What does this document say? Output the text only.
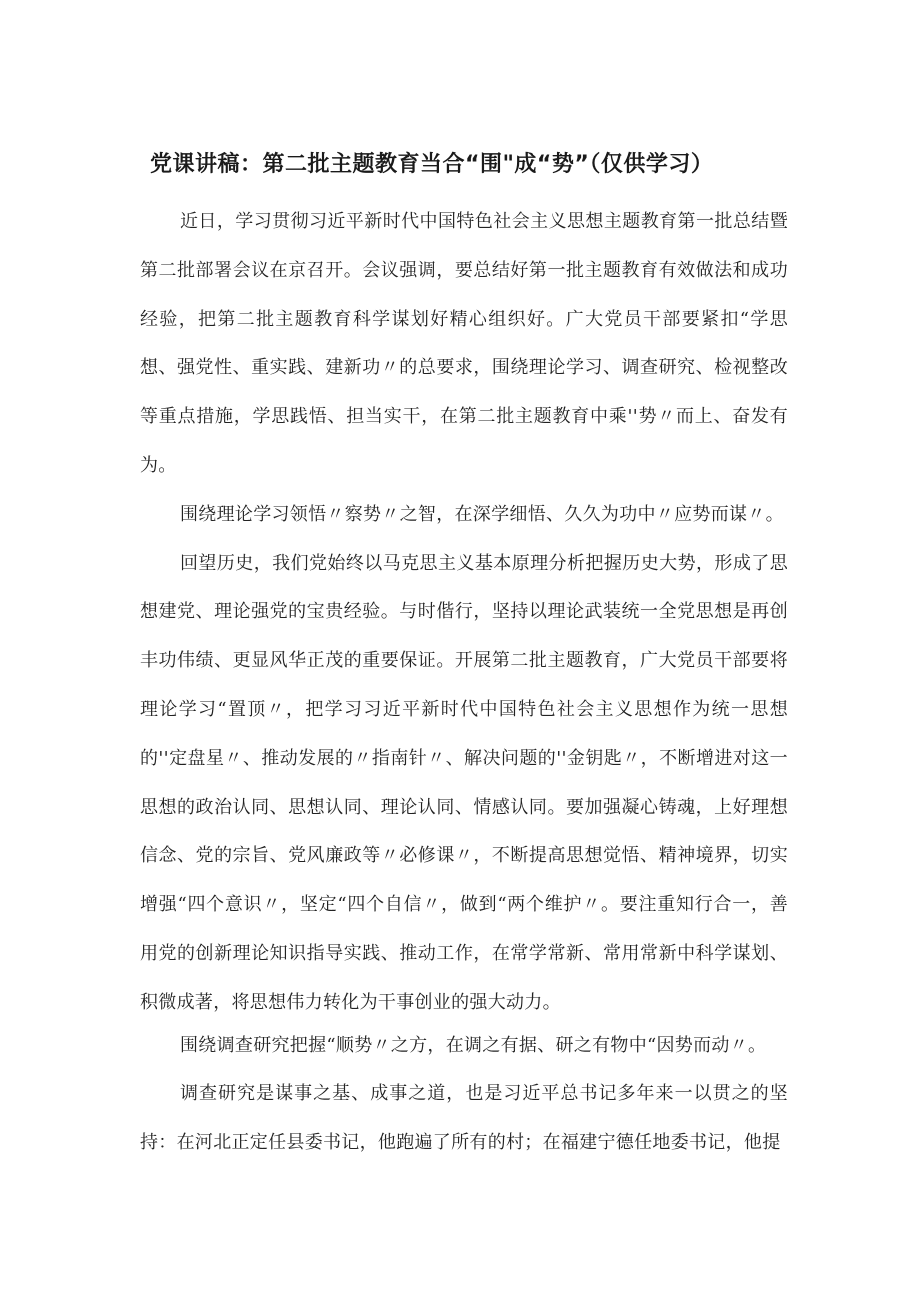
党课讲稿：第二批主题教育当合“围"成“势”（仅供学习）

近日，学习贯彻习近平新时代中国特色社会主义思想主题教育第一批总结暨第二批部署会议在京召开。会议强调，要总结好第一批主题教育有效做法和成功经验，把第二批主题教育科学谋划好精心组织好。广大党员干部要紧扣“学思想、强党性、重实践、建新功〃的总要求，围绕理论学习、调查研究、检视整改等重点措施，学思践悟、担当实干，在第二批主题教育中乘''势〃而上、奋发有为。

围绕理论学习领悟〃察势〃之智，在深学细悟、久久为功中〃应势而谋〃。

回望历史，我们党始终以马克思主义基本原理分析把握历史大势，形成了思想建党、理论强党的宝贵经验。与时偕行，坚持以理论武装统一全党思想是再创丰功伟绩、更显风华正茂的重要保证。开展第二批主题教育，广大党员干部要将理论学习“置顶〃，把学习习近平新时代中国特色社会主义思想作为统一思想的''定盘星〃、推动发展的〃指南针〃、解决问题的''金钥匙〃，不断增进对这一思想的政治认同、思想认同、理论认同、情感认同。要加强凝心铸魂，上好理想信念、党的宗旨、党风廉政等〃必修课〃，不断提高思想觉悟、精神境界，切实增强“四个意识〃，坚定“四个自信〃，做到“两个维护〃。要注重知行合一，善用党的创新理论知识指导实践、推动工作，在常学常新、常用常新中科学谋划、积微成著，将思想伟力转化为干事创业的强大动力。

围绕调查研究把握“顺势〃之方，在调之有据、研之有物中“因势而动〃。

调查研究是谋事之基、成事之道，也是习近平总书记多年来一以贯之的坚持：在河北正定任县委书记，他跑遍了所有的村；在福建宁德任地委书记，他提
